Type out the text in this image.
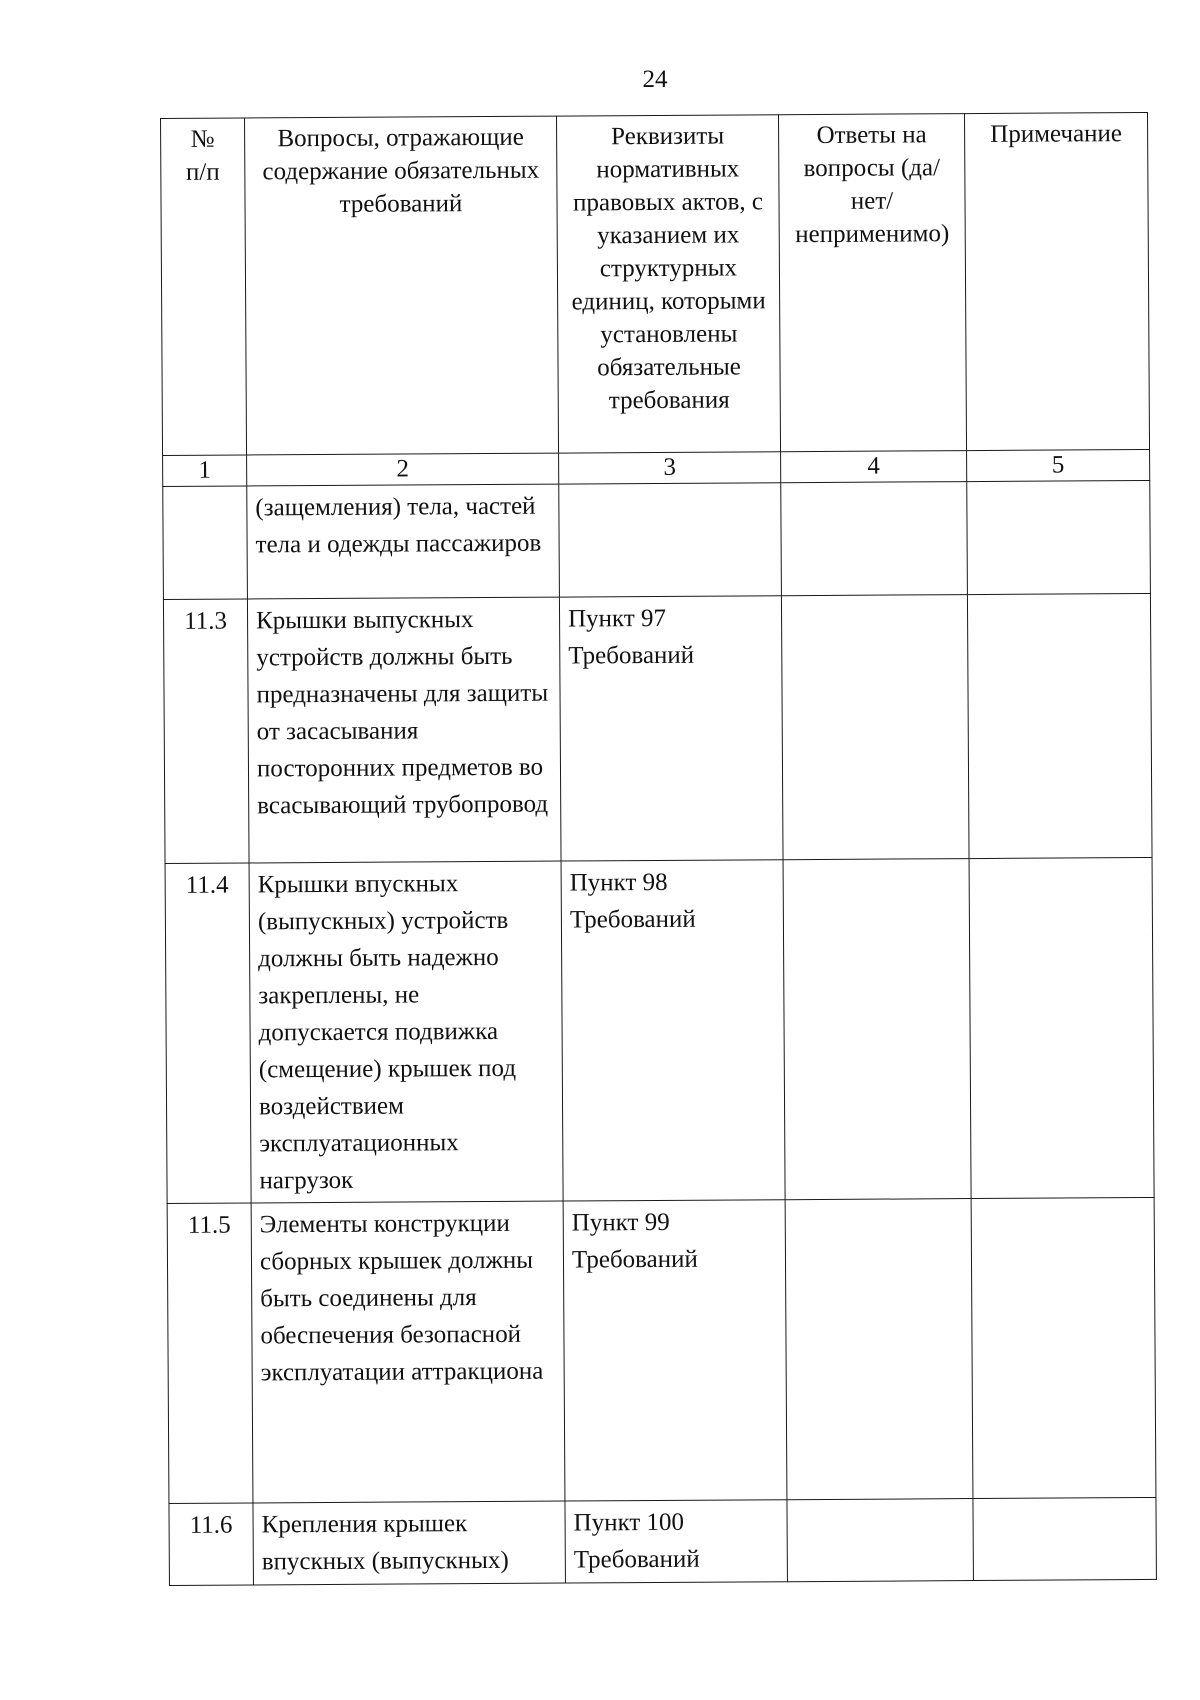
24
№
п/п	Вопросы, отражающие содержание обязательных требований	Реквизиты нормативных правовых актов, с указанием их структурных единиц, которыми установлены обязательные требования	Ответы на вопросы (да/нет/ неприменимо)	Примечание
1	2	3	4	5
	(защемления) тела, частей тела и одежды пассажиров			
11.3	Крышки выпускных устройств должны быть предназначены для защиты от засасывания посторонних предметов во всасывающий трубопровод	Пункт 97 Требований		
11.4	Крышки впускных (выпускных) устройств должны быть надежно закреплены, не допускается подвижка (смещение) крышек под воздействием эксплуатационных нагрузок	Пункт 98 Требований		
11.5	Элементы конструкции сборных крышек должны быть соединены для обеспечения безопасной эксплуатации аттракциона	Пункт 99 Требований		
11.6	Крепления крышек впускных (выпускных)	Пункт 100 Требований		
